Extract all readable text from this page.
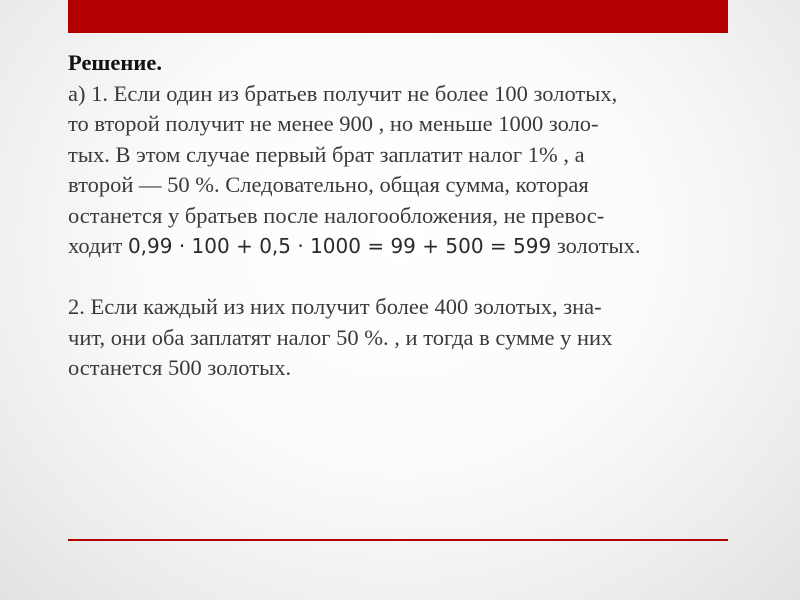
Решение.
а) 1. Если один из братьев получит не более 100 золотых,
то второй получит не менее 900 , но меньше 1000 золо-
тых. В этом случае первый брат заплатит налог 1% , а
второй — 50 %. Следовательно, общая сумма, которая
останется у братьев после налогообложения, не превос-
ходит 0,99 · 100 + 0,5 · 1000 = 99 + 500 = 599 золотых.
2. Если каждый из них получит более 400 золотых, зна-
чит, они оба заплатят налог 50 %. , и тогда в сумме у них
останется 500 золотых.
